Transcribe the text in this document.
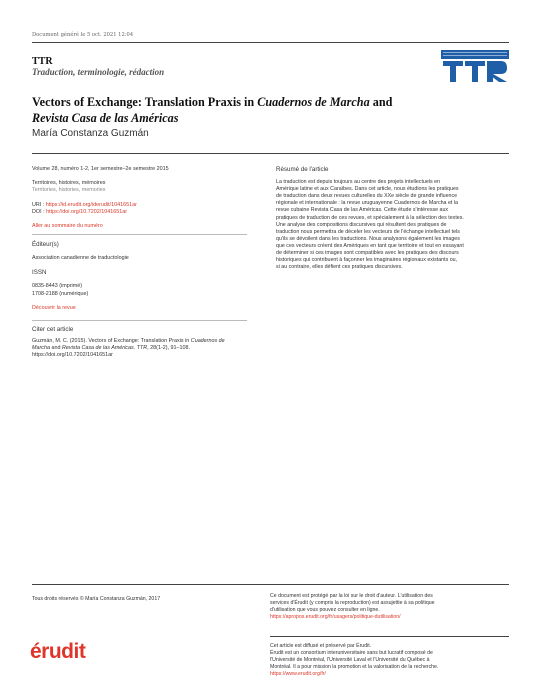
Document généré le 5 oct. 2021 12:04
TTR
Traduction, terminologie, rédaction
Vectors of Exchange: Translation Praxis in Cuadernos de Marcha and Revista Casa de las Américas
María Constanza Guzmán
Volume 28, numéro 1-2, 1er semestre–2e semestre 2015
Territoires, histoires, mémoires
Territories, histories, memories
URI : https://id.erudit.org/iderudit/1041651ar
DOI : https://doi.org/10.7202/1041651ar
Aller au sommaire du numéro
Éditeur(s)
Association canadienne de traductologie
ISSN
0835-8443 (imprimé)
1708-2188 (numérique)
Découvrir la revue
Citer cet article
Guzmán, M. C. (2015). Vectors of Exchange: Translation Praxis in Cuadernos de
Marcha and Revista Casa de las Américas. TTR, 28(1-2), 91–108.
https://doi.org/10.7202/1041651ar
Résumé de l'article
La traduction est depuis toujours au centre des projets intellectuels en
Amérique latine et aux Caraïbes. Dans cet article, nous étudions les pratiques
de traduction dans deux revues culturelles du XXe siècle de grande influence
régionale et internationale : la revue uruguayenne Cuadernos de Marcha et la
revue cubaine Revista Casa de las Américas. Cette étude s'intéresse aux
pratiques de traduction de ces revues, et spécialement à la sélection des textes.
Une analyse des compositions discursives qui résultent des pratiques de
traduction nous permettra de déceler les vecteurs de l'échange intellectuel tels
qu'ils se dévoilent dans les traductions. Nous analysons également les images
que ces vecteurs créent des Amériques en tant que territoire et tout en essayant
de déterminer si ces images sont compatibles avec les pratiques des discours
historiques qui contribuent à façonner les imaginaires régionaux existants ou,
si au contraire, elles défient ces pratiques discursives.
Tous droits réservés © María Constanza Guzmán, 2017	Ce document est protégé par la loi sur le droit d'auteur. L'utilisation des
services d'Érudit (y compris la reproduction) est assujettie à sa politique
d'utilisation que vous pouvez consulter en ligne.
https://apropos.erudit.org/fr/usagers/politique-dutilisation/
érudit	Cet article est diffusé et préservé par Érudit.
Érudit est un consortium interuniversitaire sans but lucratif composé de
l'Université de Montréal, l'Université Laval et l'Université du Québec à
Montréal. Il a pour mission la promotion et la valorisation de la recherche.
https://www.erudit.org/fr/
